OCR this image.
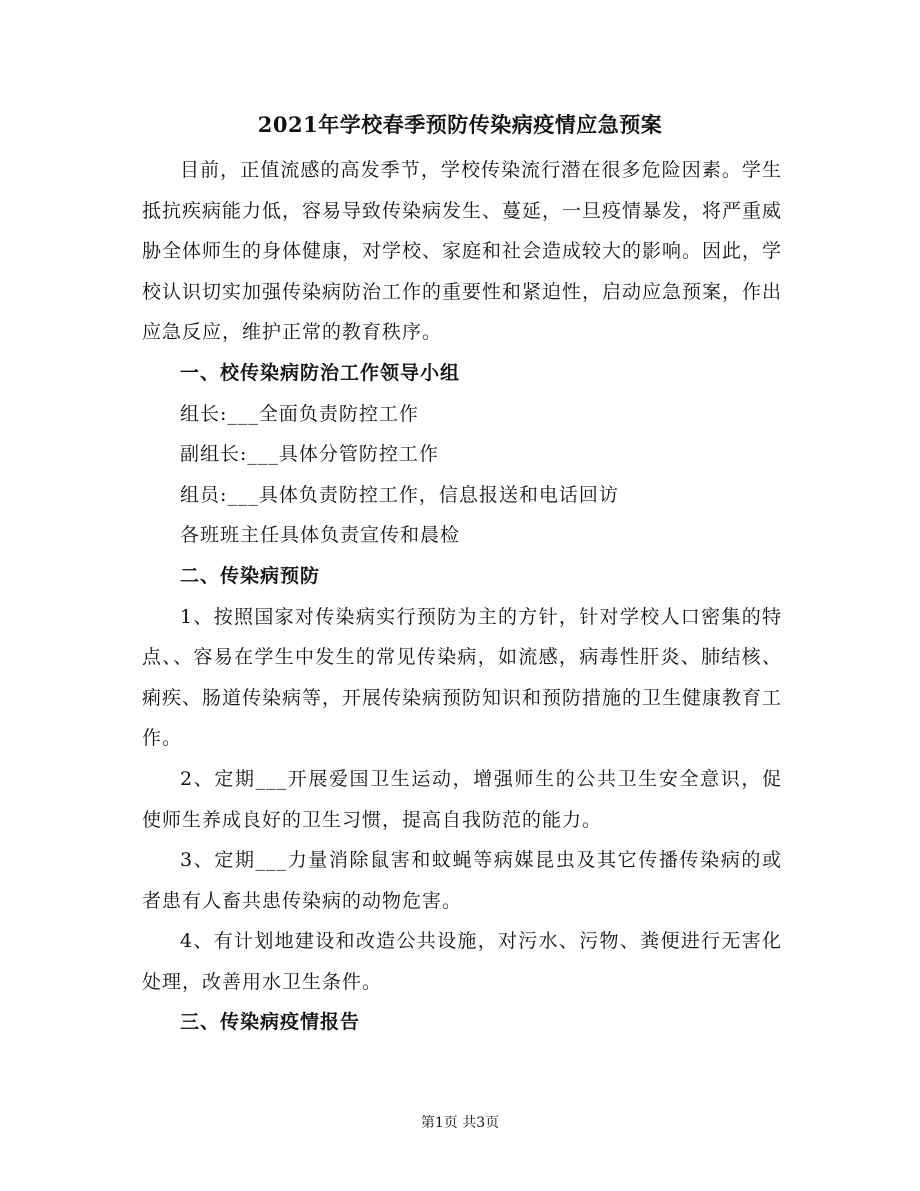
2021年学校春季预防传染病疫情应急预案

目前，正值流感的高发季节，学校传染流行潜在很多危险因素。学生抵抗疾病能力低，容易导致传染病发生、蔓延，一旦疫情暴发，将严重威胁全体师生的身体健康，对学校、家庭和社会造成较大的影响。因此，学校认识切实加强传染病防治工作的重要性和紧迫性，启动应急预案，作出应急反应，维护正常的教育秩序。

一、校传染病防治工作领导小组

组长:___全面负责防控工作

副组长:___具体分管防控工作

组员:___具体负责防控工作，信息报送和电话回访

各班班主任具体负责宣传和晨检

二、传染病预防

1、按照国家对传染病实行预防为主的方针，针对学校人口密集的特点、、容易在学生中发生的常见传染病，如流感，病毒性肝炎、肺结核、痢疾、肠道传染病等，开展传染病预防知识和预防措施的卫生健康教育工作。

2、定期___开展爱国卫生运动，增强师生的公共卫生安全意识，促使师生养成良好的卫生习惯，提高自我防范的能力。

3、定期___力量消除鼠害和蚊蝇等病媒昆虫及其它传播传染病的或者患有人畜共患传染病的动物危害。

4、有计划地建设和改造公共设施，对污水、污物、粪便进行无害化处理，改善用水卫生条件。

三、传染病疫情报告

第1页 共3页
